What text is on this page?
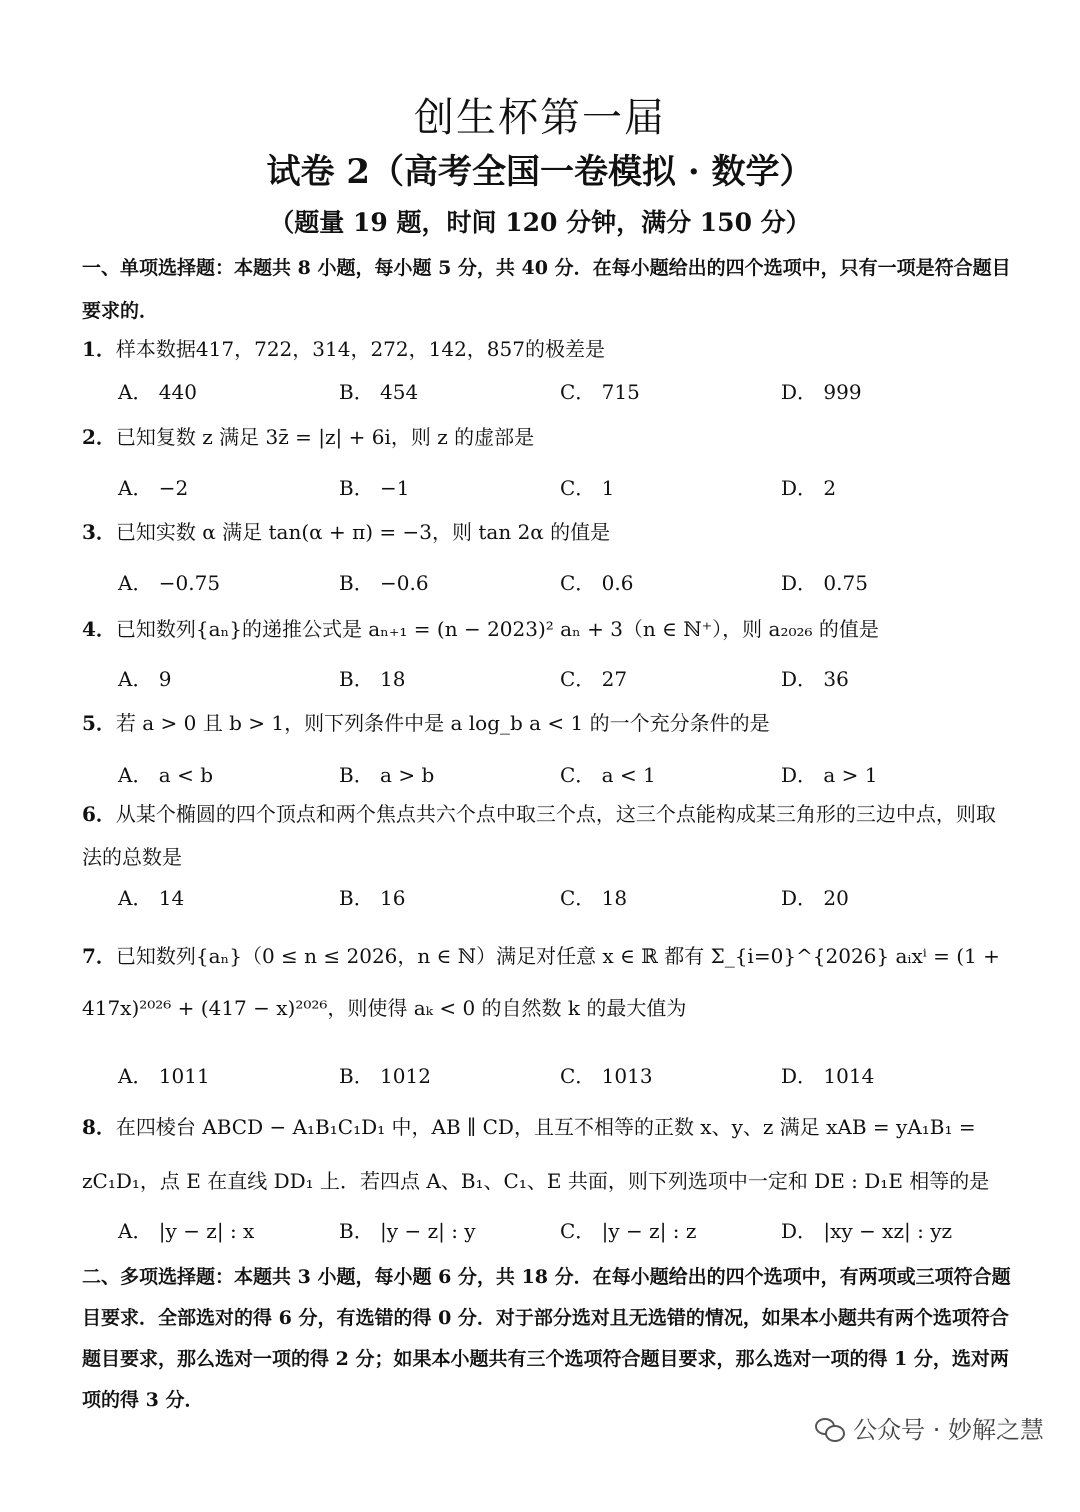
创生杯第一届
试卷 2（高考全国一卷模拟 · 数学）
（题量 19 题，时间 120 分钟，满分 150 分）
一、单项选择题：本题共 8 小题，每小题 5 分，共 40 分．在每小题给出的四个选项中，只有一项是符合题目要求的．
1．样本数据417，722，314，272，142，857的极差是
A． 440	B． 454	C． 715	D． 999
2．已知复数 z 满足 3z̄ = |z| + 6i，则 z 的虚部是
A． −2	B． −1	C． 1	D． 2
3．已知实数 α 满足 tan(α + π) = −3，则 tan 2α 的值是
A． −0.75	B． −0.6	C． 0.6	D． 0.75
4．已知数列{aₙ}的递推公式是 aₙ₊₁ = (n − 2023)² aₙ + 3（n ∈ ℕ⁺），则 a₂₀₂₆ 的值是
A． 9	B． 18	C． 27	D． 36
5．若 a > 0 且 b > 1，则下列条件中是 a log_b a < 1 的一个充分条件的是
A． a < b	B． a > b	C． a < 1	D． a > 1
6．从某个椭圆的四个顶点和两个焦点共六个点中取三个点，这三个点能构成某三角形的三边中点，则取法的总数是
A． 14	B． 16	C． 18	D． 20
7．已知数列{aₙ}（0 ≤ n ≤ 2026，n ∈ ℕ）满足对任意 x ∈ ℝ 都有 Σ_{i=0}^{2026} aᵢxⁱ = (1 + 417x)²⁰²⁶ + (417 − x)²⁰²⁶，则使得 aₖ < 0 的自然数 k 的最大值为
A． 1011	B． 1012	C． 1013	D． 1014
8．在四棱台 ABCD − A₁B₁C₁D₁ 中，AB ∥ CD，且互不相等的正数 x、y、z 满足 xAB = yA₁B₁ = zC₁D₁，点 E 在直线 DD₁ 上．若四点 A、B₁、C₁、E 共面，则下列选项中一定和 DE : D₁E 相等的是
A． |y − z| : x	B． |y − z| : y	C． |y − z| : z	D． |xy − xz| : yz
二、多项选择题：本题共 3 小题，每小题 6 分，共 18 分．在每小题给出的四个选项中，有两项或三项符合题目要求．全部选对的得 6 分，有选错的得 0 分．对于部分选对且无选错的情况，如果本小题共有两个选项符合题目要求，那么选对一项的得 2 分；如果本小题共有三个选项符合题目要求，那么选对一项的得 1 分，选对两项的得 3 分．
公众号 · 妙解之慧
